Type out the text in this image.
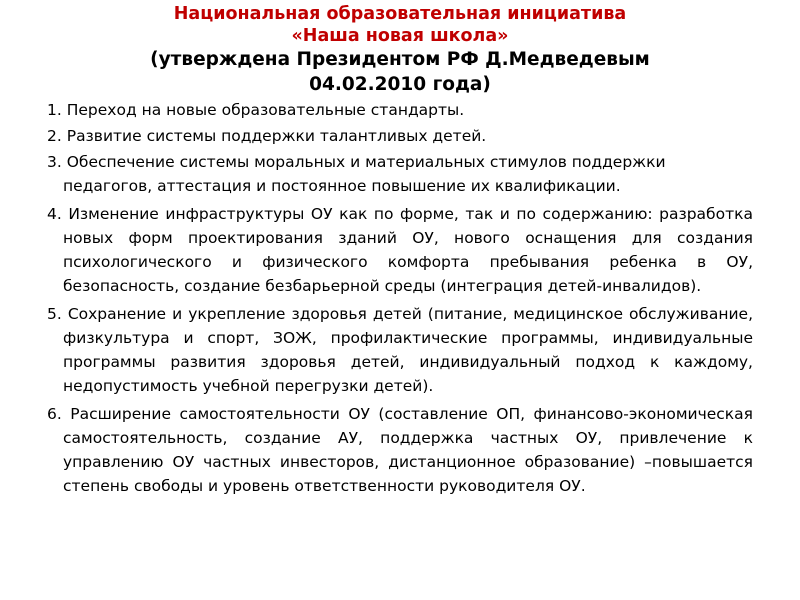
Национальная образовательная инициатива
«Наша новая школа»
(утверждена Президентом РФ Д.Медведевым
04.02.2010 года)

1. Переход на новые образовательные стандарты.

2. Развитие системы поддержки талантливых детей.

3. Обеспечение системы моральных и материальных стимулов поддержки педагогов, аттестация и постоянное повышение их квалификации.

4. Изменение инфраструктуры ОУ как по форме, так и по содержанию: разработка новых форм проектирования зданий ОУ, нового оснащения для создания психологического и физического комфорта пребывания ребенка в ОУ, безопасность, создание безбарьерной среды (интеграция детей-инвалидов).

5. Сохранение и укрепление здоровья детей (питание, медицинское обслуживание, физкультура и спорт, ЗОЖ, профилактические программы, индивидуальные программы развития здоровья детей, индивидуальный подход к каждому, недопустимость учебной перегрузки детей).

6. Расширение самостоятельности ОУ (составление ОП, финансово-экономическая самостоятельность, создание АУ, поддержка частных ОУ, привлечение к управлению ОУ частных инвесторов, дистанционное образование) –повышается степень свободы и уровень ответственности руководителя ОУ.
